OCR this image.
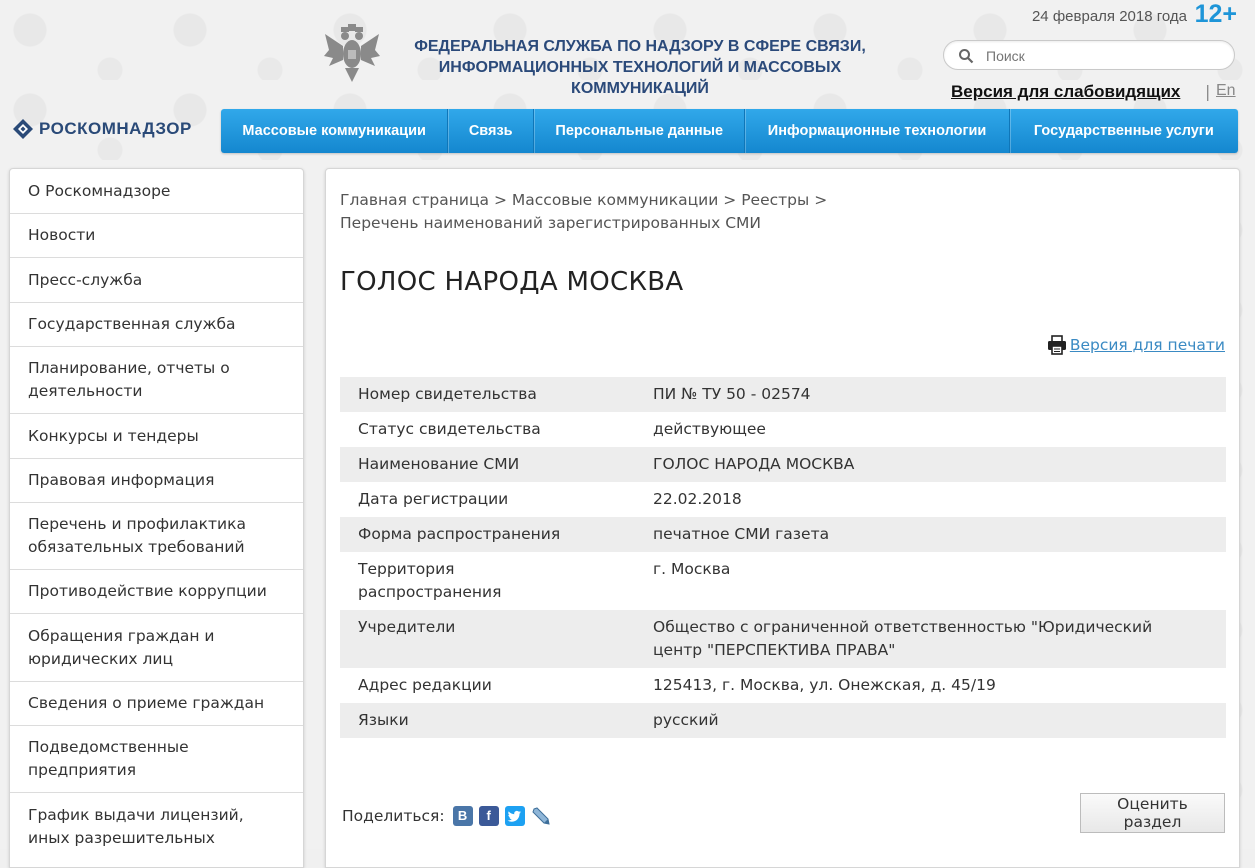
24 февраля 2018 года 12+
ФЕДЕРАЛЬНАЯ СЛУЖБА ПО НАДЗОРУ В СФЕРЕ СВЯЗИ,
ИНФОРМАЦИОННЫХ ТЕХНОЛОГИЙ И МАССОВЫХ КОММУНИКАЦИЙ
Поиск	Версия для слабовидящих | En
РОСКОМНАДЗОР	Массовые коммуникации	Связь	Персональные данные	Информационные технологии	Государственные услуги
О Роскомнадзоре
Новости
Пресс-служба
Государственная служба
Планирование, отчеты о деятельности
Конкурсы и тендеры
Правовая информация
Перечень и профилактика обязательных требований
Противодействие коррупции
Обращения граждан и юридических лиц
Сведения о приеме граждан
Подведомственные предприятия
График выдачи лицензий, иных разрешительных
Главная страница > Массовые коммуникации > Реестры >
Перечень наименований зарегистрированных СМИ
ГОЛОС НАРОДА МОСКВА
Версия для печати
Номер свидетельства	ПИ № ТУ 50 - 02574
Статус свидетельства	действующее
Наименование СМИ	ГОЛОС НАРОДА МОСКВА
Дата регистрации	22.02.2018
Форма распространения	печатное СМИ газета
Территория распространения	г. Москва
Учредители	Общество с ограниченной ответственностью "Юридический центр "ПЕРСПЕКТИВА ПРАВА"
Адрес редакции	125413, г. Москва, ул. Онежская, д. 45/19
Языки	русский
Поделиться:	В	f
Оценить раздел
